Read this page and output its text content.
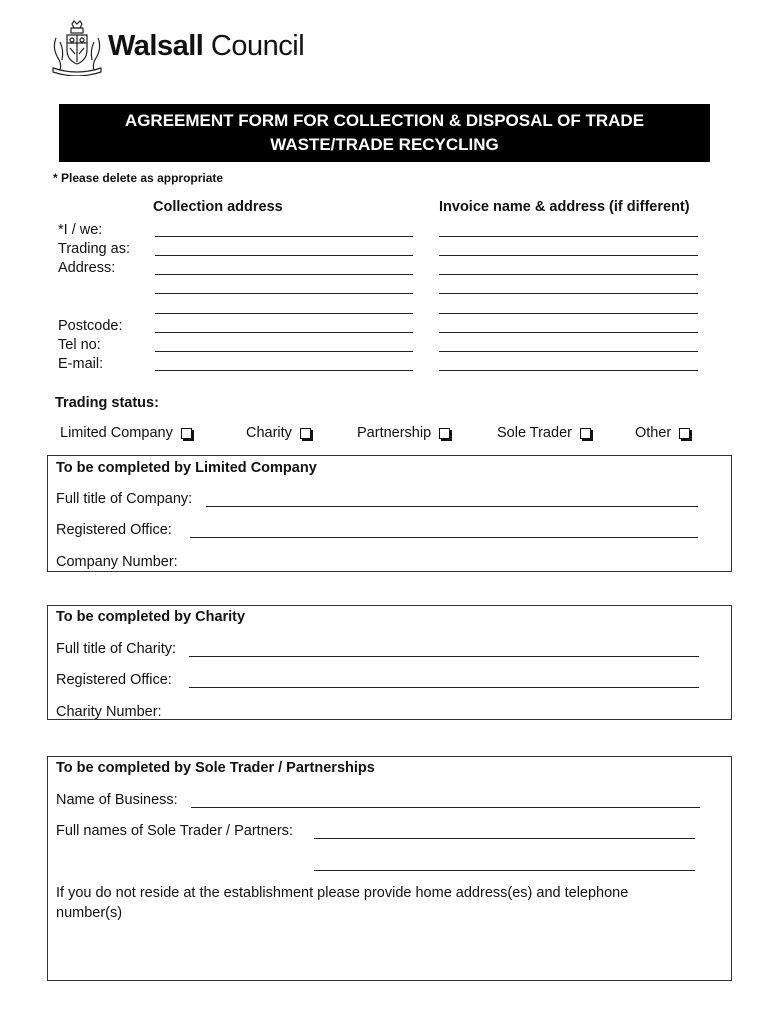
Walsall Council
AGREEMENT FORM FOR COLLECTION & DISPOSAL OF TRADE
WASTE/TRADE RECYCLING
* Please delete as appropriate
Collection address	Invoice name & address (if different)
*I / we:
Trading as:
Address:
Postcode:
Tel no:
E-mail:
Trading status:
Limited Company	Charity	Partnership	Sole Trader	Other
To be completed by Limited Company
Full title of Company:
Registered Office:
Company Number:
To be completed by Charity
Full title of Charity:
Registered Office:
Charity Number:
To be completed by Sole Trader / Partnerships
Name of Business:
Full names of Sole Trader / Partners:
If you do not reside at the establishment please provide home address(es) and telephone
number(s)
